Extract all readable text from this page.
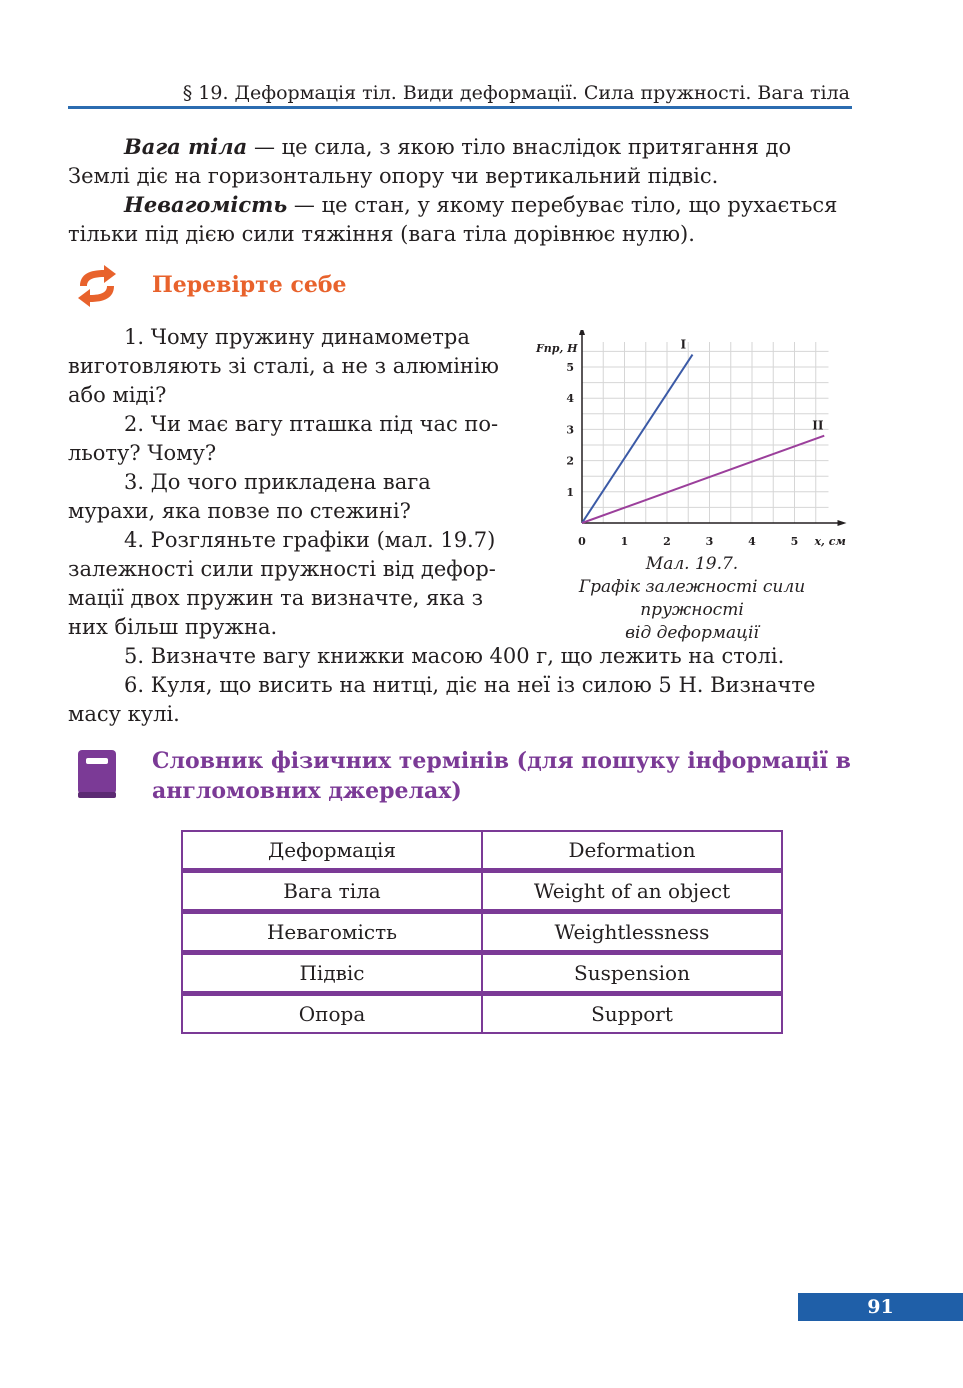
§ 19. Деформація тіл. Види деформації. Сила пружності. Вага тіла
Вага тіла — це сила, з якою тіло внаслідок притягання до
Землі діє на горизонтальну опору чи вертикальний підвіс.
Невагомість — це стан, у якому перебуває тіло, що рухається
тільки під дією сили тяжіння (вага тіла дорівнює нулю).
Перевірте себе
1. Чому пружину динамометра
виготовляють зі сталі, а не з алюмінію
або міді?
2. Чи має вагу пташка під час по-
льоту? Чому?
3. До чого прикладена вага
мурахи, яка повзе по стежині?
4. Розгляньте графіки (мал. 19.7)
залежності сили пружності від дефор-
мації двох пружин та визначте, яка з
них більш пружна.
0	1	2	3	4	5
1
2
3
4
5
Fпр, Н
x, см
I
II
Мал. 19.7.
Графік залежності сили пружності
від деформації
5. Визначте вагу книжки масою 400 г, що лежить на столі.
6. Куля, що висить на нитці, діє на неї із силою 5 Н. Визначте
масу кулі.
Словник фізичних термінів (для пошуку інформації в
англомовних джерелах)
Деформація	Deformation
Вага тіла	Weight of an object
Невагомість	Weightlessness
Підвіс	Suspension
Опора	Support
91
